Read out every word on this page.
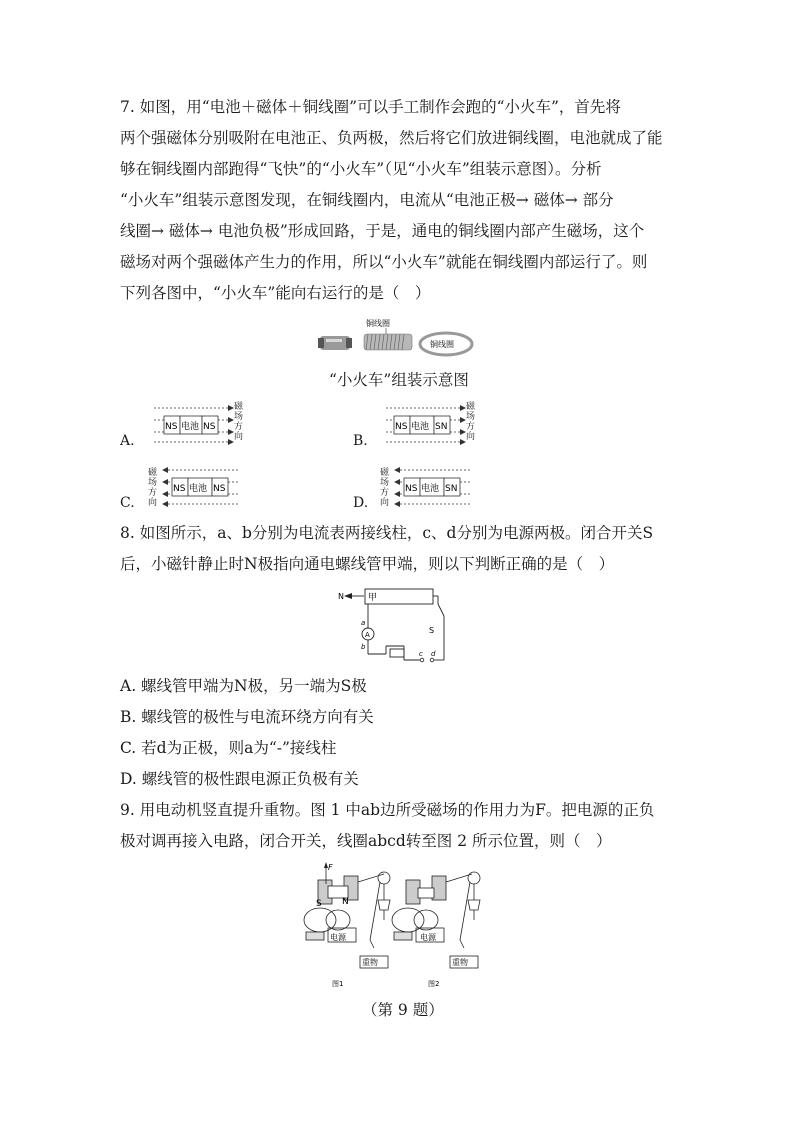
7. 如图，用“电池＋磁体＋铜线圈”可以手工制作会跑的“小火车”，首先将
两个强磁体分别吸附在电池正、负两极，然后将它们放进铜线圈，电池就成了能
够在铜线圈内部跑得“飞快”的“小火车”（见“小火车”组装示意图）。分析
“小火车”组装示意图发现，在铜线圈内，电流从“电池正极→ 磁体→ 部分
线圈→ 磁体→ 电池负极”形成回路，于是，通电的铜线圈内部产生磁场，这个
磁场对两个强磁体产生力的作用，所以“小火车”就能在铜线圈内部运行了。则
下列各图中，“小火车”能向右运行的是（　）
铜线圈
铜线圈
“小火车”组装示意图
A.
NS 电池 NS
磁场方向	B.
NS 电池 SN
磁场方向
C.
磁场方向
NS 电池 NS
D.
磁场方向
NS 电池 SN
8. 如图所示，a、b分别为电流表两接线柱，c、d分别为电源两极。闭合开关S
后，小磁针静止时N极指向通电螺线管甲端，则以下判断正确的是（　）
N	甲
a
A
b
S
c d
A. 螺线管甲端为N极，另一端为S极
B. 螺线管的极性与电流环绕方向有关
C. 若d为正极，则a为“-”接线柱
D. 螺线管的极性跟电源正负极有关
9. 用电动机竖直提升重物。图 1 中ab边所受磁场的作用力为F。把电源的正负
极对调再接入电路，闭合开关，线圈abcd转至图 2 所示位置，则（　）
F
S N
电源
重物
图1
电源
重物
图2
（第 9 题）
